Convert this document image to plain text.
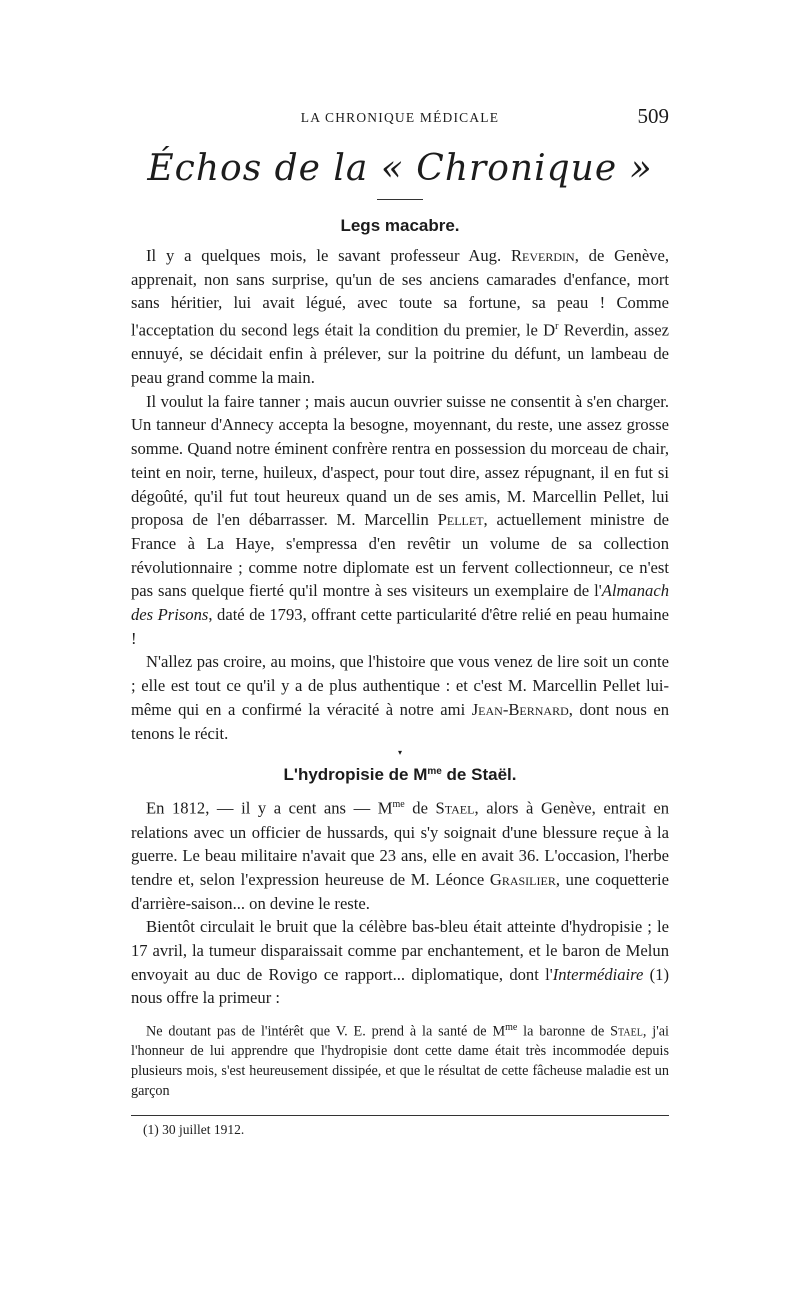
LA CHRONIQUE MÉDICALE	509
Échos de la « Chronique »
Legs macabre.

Il y a quelques mois, le savant professeur Aug. Reverdin, de Genève, apprenait, non sans surprise, qu'un de ses anciens camarades d'enfance, mort sans héritier, lui avait légué, avec toute sa fortune, sa peau ! Comme l'acceptation du second legs était la condition du premier, le $D^r$ Reverdin, assez ennuyé, se décidait enfin à prélever, sur la poitrine du défunt, un lambeau de peau grand comme la main.

Il voulut la faire tanner ; mais aucun ouvrier suisse ne consentit à s'en charger. Un tanneur d'Annecy accepta la besogne, moyennant, du reste, une assez grosse somme. Quand notre éminent confrère rentra en possession du morceau de chair, teint en noir, terne, huileux, d'aspect, pour tout dire, assez répugnant, il en fut si dégoûté, qu'il fut tout heureux quand un de ses amis, M. Marcellin Pellet, lui proposa de l'en débarrasser. M. Marcellin Pellet, actuellement ministre de France à La Haye, s'empressa d'en revêtir un volume de sa collection révolutionnaire ; comme notre diplomate est un fervent collectionneur, ce n'est pas sans quelque fierté qu'il montre à ses visiteurs un exemplaire de l'Almanach des Prisons, daté de 1793, offrant cette particularité d'être relié en peau humaine !

N'allez pas croire, au moins, que l'histoire que vous venez de lire soit un conte ; elle est tout ce qu'il y a de plus authentique : et c'est M. Marcellin Pellet lui-même qui en a confirmé la véracité à notre ami Jean-Bernard, dont nous en tenons le récit.

▾
L'hydropisie de $M^{me}$ de Staël.

En 1812, — il y a cent ans — $M^{me}$ de Stael, alors à Genève, entrait en relations avec un officier de hussards, qui s'y soignait d'une blessure reçue à la guerre. Le beau militaire n'avait que 23 ans, elle en avait 36. L'occasion, l'herbe tendre et, selon l'expression heureuse de M. Léonce Grasilier, une coquetterie d'arrière-saison... on devine le reste.

Bientôt circulait le bruit que la célèbre bas-bleu était atteinte d'hydropisie ; le 17 avril, la tumeur disparaissait comme par enchantement, et le baron de Melun envoyait au duc de Rovigo ce rapport... diplomatique, dont l'Intermédiaire (1) nous offre la primeur :

Ne doutant pas de l'intérêt que V. E. prend à la santé de $M^{me}$ la baronne de Stael, j'ai l'honneur de lui apprendre que l'hydropisie dont cette dame était très incommodée depuis plusieurs mois, s'est heureusement dissipée, et que le résultat de cette fâcheuse maladie est un garçon

(1) 30 juillet 1912.
